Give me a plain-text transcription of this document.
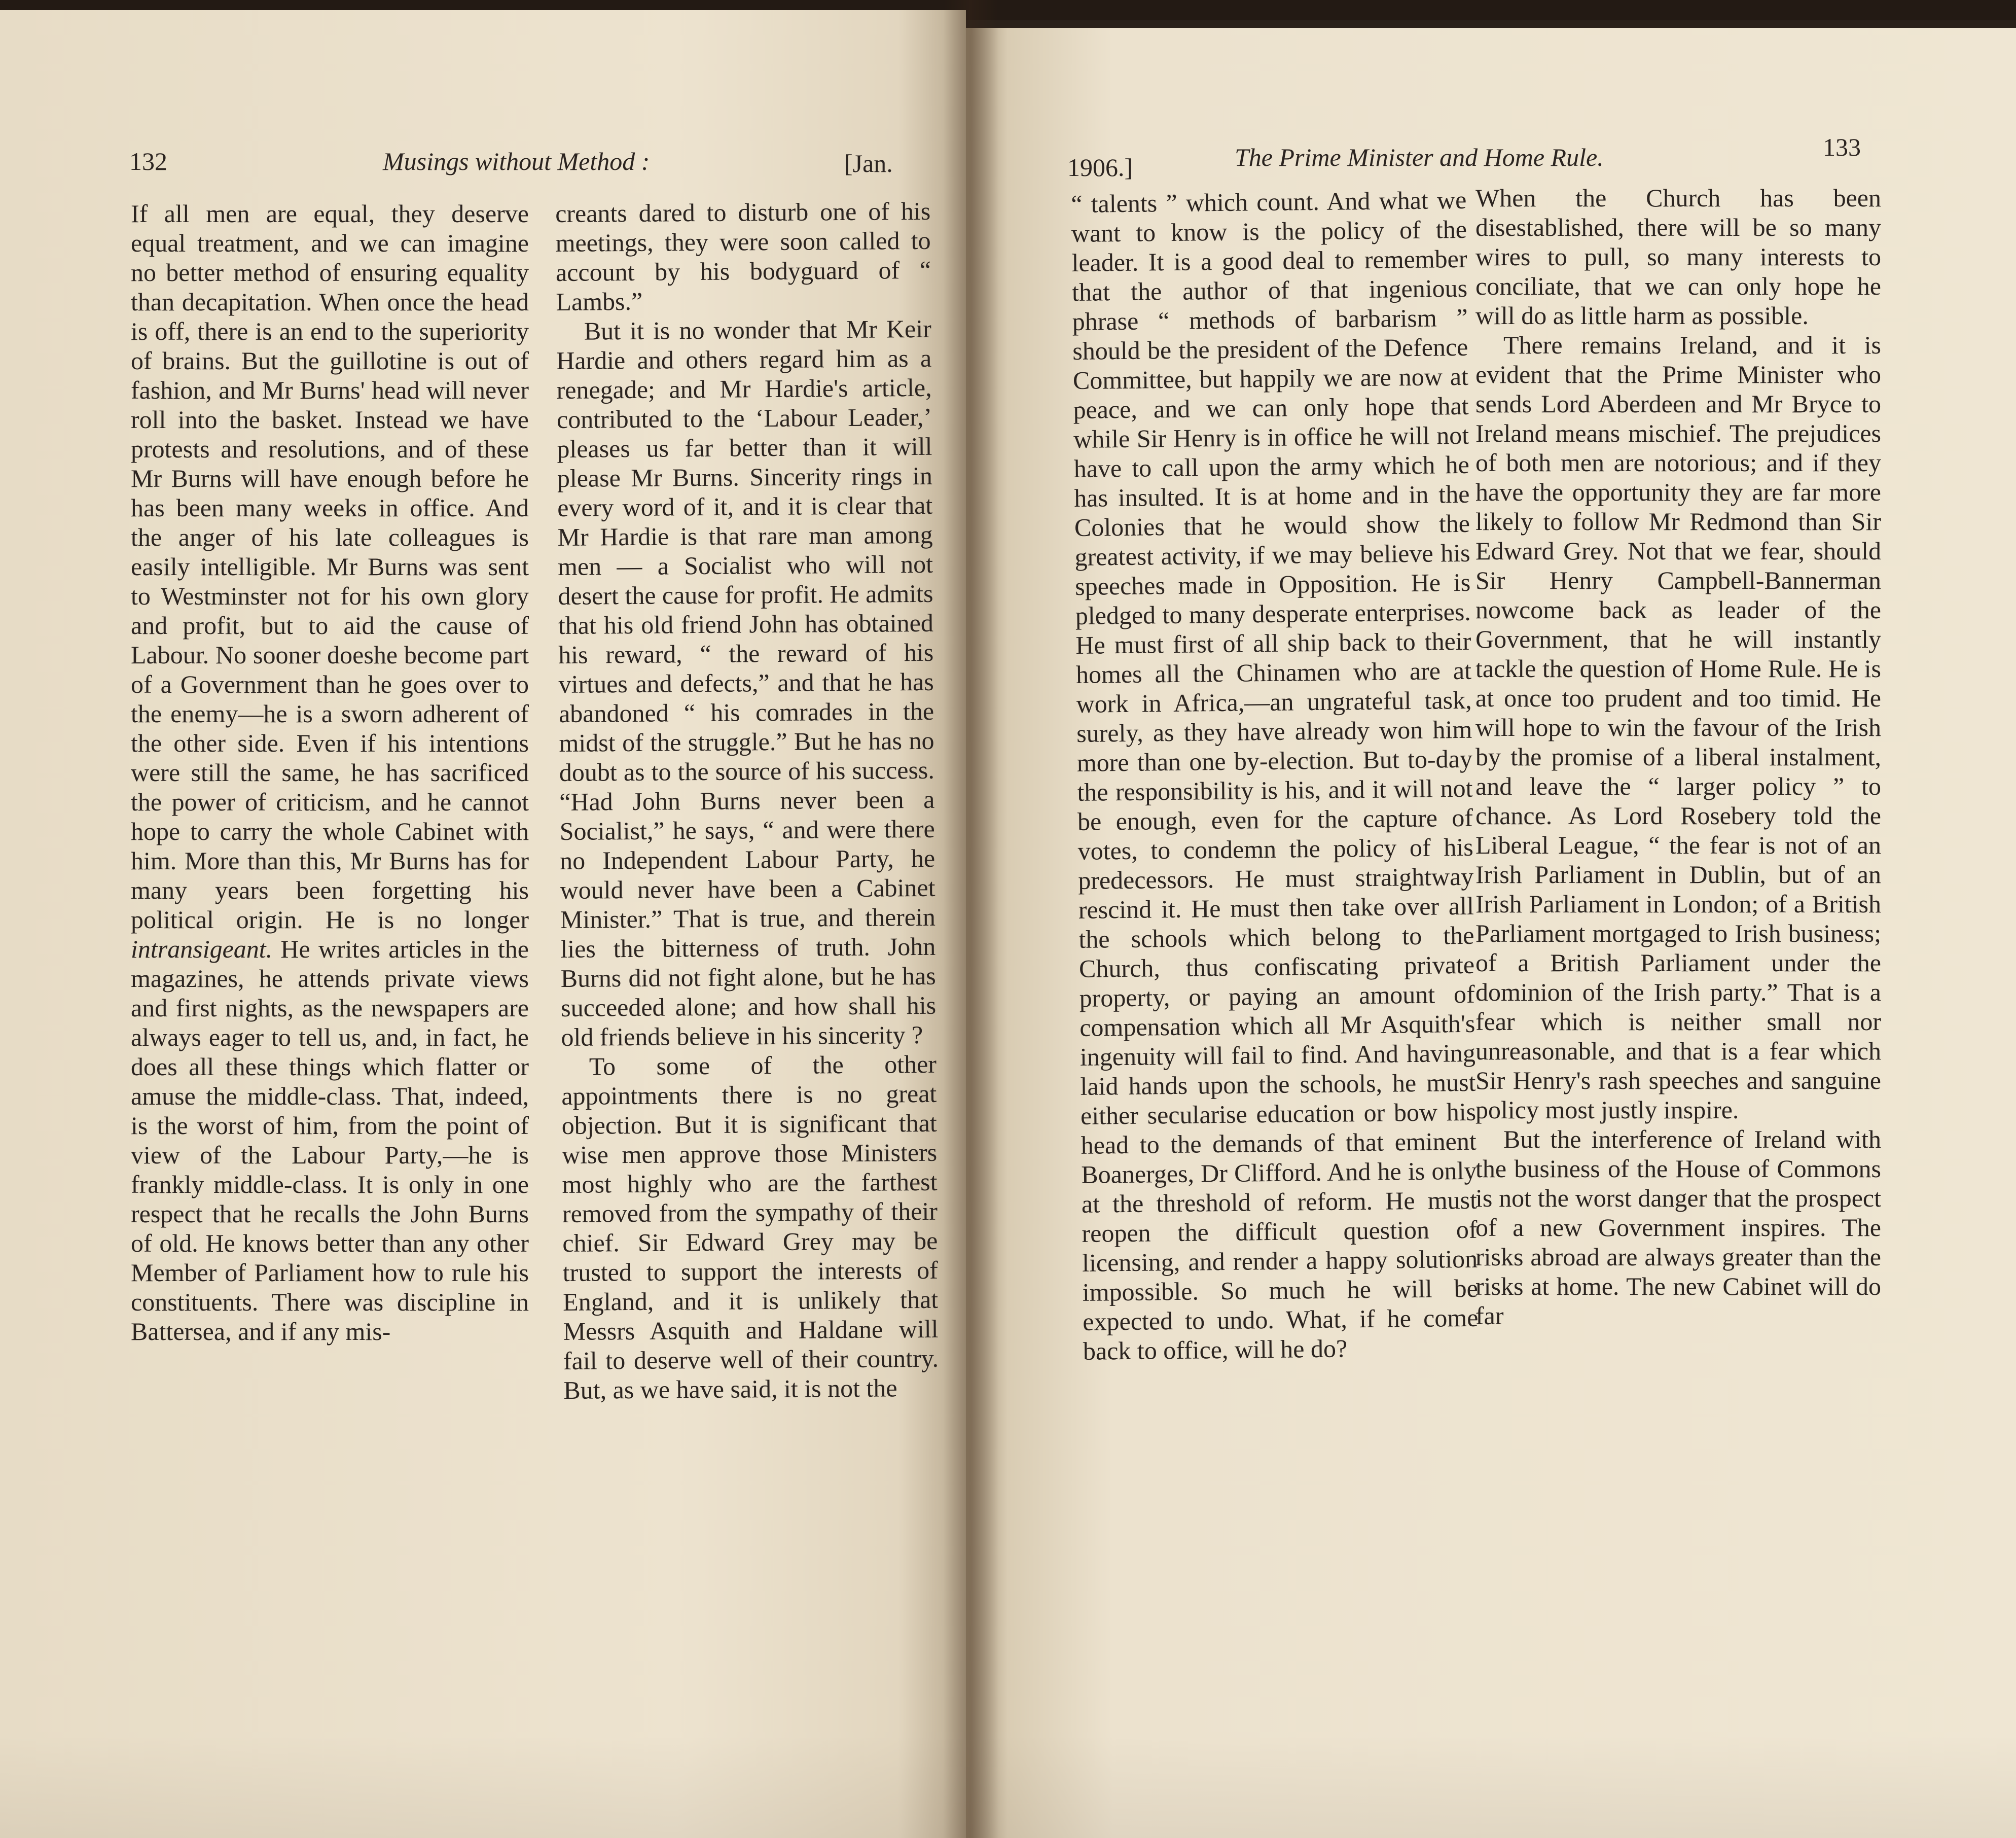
132	Musings without Method :	[Jan.

If all men are equal, they deserve equal treatment, and we can imagine no better method of ensuring equality than decapitation. When once the head is off, there is an end to the superiority of brains. But the guillotine is out of fashion, and Mr Burns' head will never roll into the basket. Instead we have protests and resolutions, and of these Mr Burns will have enough before he has been many weeks in office. And the anger of his late colleagues is easily intelligible. Mr Burns was sent to Westminster not for his own glory and profit, but to aid the cause of Labour. No sooner doeshe become part of a Government than he goes over to the enemy—he is a sworn adherent of the other side. Even if his intentions were still the same, he has sacrificed the power of criticism, and he cannot hope to carry the whole Cabinet with him. More than this, Mr Burns has for many years been forgetting his political origin. He is no longer intransigeant. He writes articles in the magazines, he attends private views and first nights, as the newspapers are always eager to tell us, and, in fact, he does all these things which flatter or amuse the middle-class. That, indeed, is the worst of him, from the point of view of the Labour Party,—he is frankly middle-class. It is only in one respect that he recalls the John Burns of old. He knows better than any other Member of Parliament how to rule his constituents. There was discipline in Battersea, and if any mis-

creants dared to disturb one of his meetings, they were soon called to account by his bodyguard of “ Lambs.”

But it is no wonder that Mr Keir Hardie and others regard him as a renegade; and Mr Hardie's article, contributed to the ‘Labour Leader,’ pleases us far better than it will please Mr Burns. Sincerity rings in every word of it, and it is clear that Mr Hardie is that rare man among men — a Socialist who will not desert the cause for profit. He admits that his old friend John has obtained his reward, “ the reward of his virtues and defects,” and that he has abandoned “ his comrades in the midst of the struggle.” But he has no doubt as to the source of his success. “Had John Burns never been a Socialist,” he says, “ and were there no Independent Labour Party, he would never have been a Cabinet Minister.” That is true, and therein lies the bitterness of truth. John Burns did not fight alone, but he has succeeded alone; and how shall his old friends believe in his sincerity ?

To some of the other appointments there is no great objection. But it is significant that wise men approve those Ministers most highly who are the farthest removed from the sympathy of their chief. Sir Edward Grey may be trusted to support the interests of England, and it is unlikely that Messrs Asquith and Haldane will fail to deserve well of their country. But, as we have said, it is not the

1906.]	The Prime Minister and Home Rule.	133

“ talents ” which count. And what we want to know is the policy of the leader. It is a good deal to remember that the author of that ingenious phrase “ methods of barbarism ” should be the president of the Defence Committee, but happily we are now at peace, and we can only hope that while Sir Henry is in office he will not have to call upon the army which he has insulted. It is at home and in the Colonies that he would show the greatest activity, if we may believe his speeches made in Opposition. He is pledged to many desperate enterprises. He must first of all ship back to their homes all the Chinamen who are at work in Africa,—an ungrateful task, surely, as they have already won him more than one by-election. But to-day the responsibility is his, and it will not be enough, even for the capture of votes, to condemn the policy of his predecessors. He must straightway rescind it. He must then take over all the schools which belong to the Church, thus confiscating private property, or paying an amount of compensation which all Mr Asquith's ingenuity will fail to find. And having laid hands upon the schools, he must either secularise education or bow his head to the demands of that eminent Boanerges, Dr Clifford. And he is only at the threshold of reform. He must reopen the difficult question of licensing, and render a happy solution impossible. So much he will be expected to undo. What, if he come back to office, will he do?

When the Church has been disestablished, there will be so many wires to pull, so many interests to conciliate, that we can only hope he will do as little harm as possible.

There remains Ireland, and it is evident that the Prime Minister who sends Lord Aberdeen and Mr Bryce to Ireland means mischief. The prejudices of both men are notorious; and if they have the opportunity they are far more likely to follow Mr Redmond than Sir Edward Grey. Not that we fear, should Sir Henry Campbell-Bannerman nowcome back as leader of the Government, that he will instantly tackle the question of Home Rule. He is at once too prudent and too timid. He will hope to win the favour of the Irish by the promise of a liberal instalment, and leave the “ larger policy ” to chance. As Lord Rosebery told the Liberal League, “ the fear is not of an Irish Parliament in Dublin, but of an Irish Parliament in London; of a British Parliament mortgaged to Irish business; of a British Parliament under the dominion of the Irish party.” That is a fear which is neither small nor unreasonable, and that is a fear which Sir Henry's rash speeches and sanguine policy most justly inspire.

But the interference of Ireland with the business of the House of Commons is not the worst danger that the prospect of a new Government inspires. The risks abroad are always greater than the risks at home. The new Cabinet will do far
